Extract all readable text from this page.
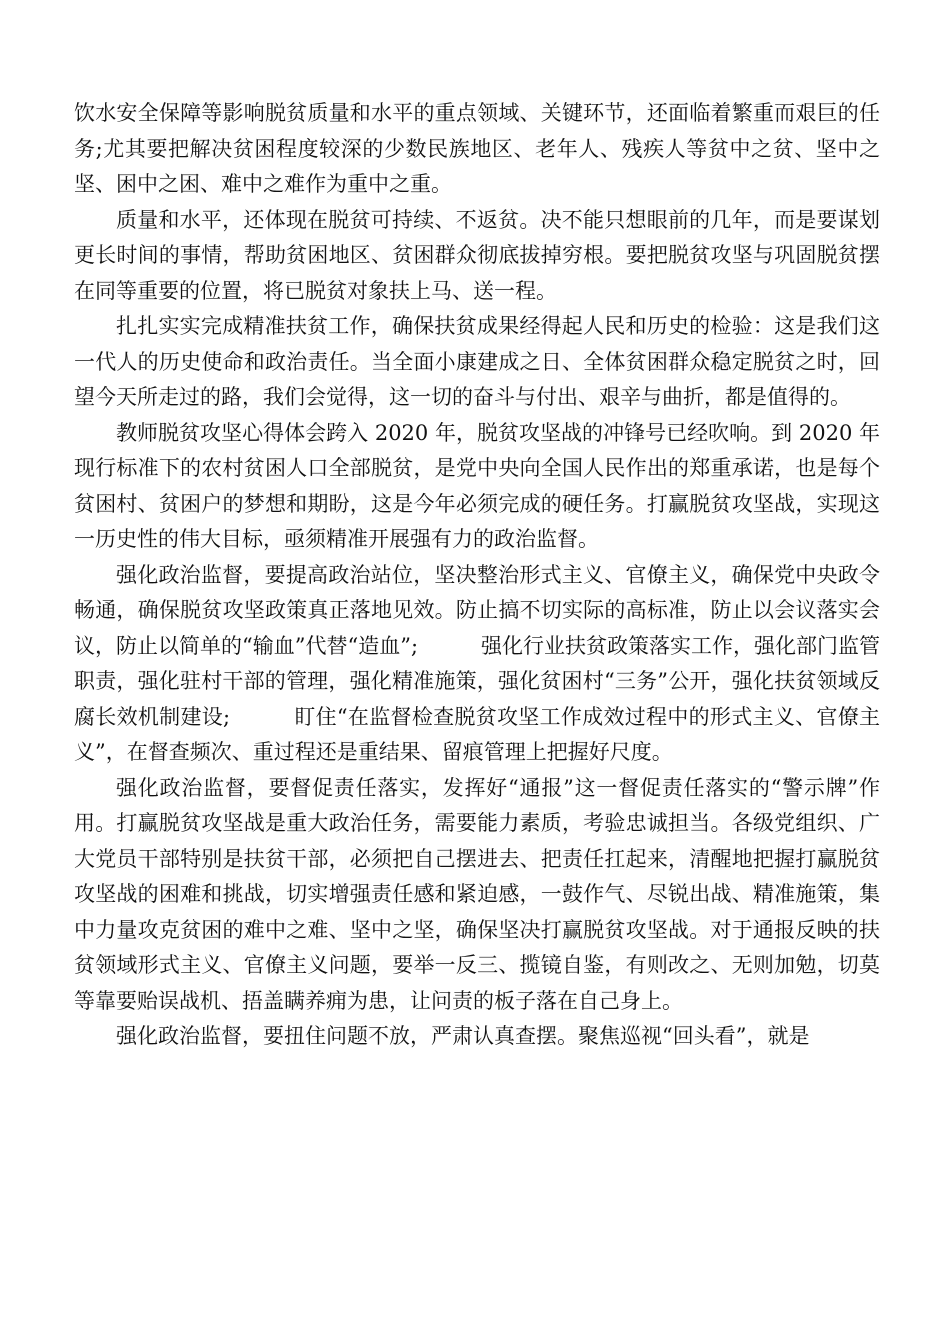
饮水安全保障等影响脱贫质量和水平的重点领域、关键环节，还面临着繁重而艰巨的任务;尤其要把解决贫困程度较深的少数民族地区、老年人、残疾人等贫中之贫、坚中之坚、困中之困、难中之难作为重中之重。

质量和水平，还体现在脱贫可持续、不返贫。决不能只想眼前的几年，而是要谋划更长时间的事情，帮助贫困地区、贫困群众彻底拔掉穷根。要把脱贫攻坚与巩固脱贫摆在同等重要的位置，将已脱贫对象扶上马、送一程。

扎扎实实完成精准扶贫工作，确保扶贫成果经得起人民和历史的检验：这是我们这一代人的历史使命和政治责任。当全面小康建成之日、全体贫困群众稳定脱贫之时，回望今天所走过的路，我们会觉得，这一切的奋斗与付出、艰辛与曲折，都是值得的。

教师脱贫攻坚心得体会跨入 2020 年，脱贫攻坚战的冲锋号已经吹响。到 2020 年现行标准下的农村贫困人口全部脱贫，是党中央向全国人民作出的郑重承诺，也是每个贫困村、贫困户的梦想和期盼，这是今年必须完成的硬任务。打赢脱贫攻坚战，实现这一历史性的伟大目标，亟须精准开展强有力的政治监督。

强化政治监督，要提高政治站位，坚决整治形式主义、官僚主义，确保党中央政令畅通，确保脱贫攻坚政策真正落地见效。防止搞不切实际的高标准，防止以会议落实会议，防止以简单的“输血”代替“造血”;　　　强化行业扶贫政策落实工作，强化部门监管职责，强化驻村干部的管理，强化精准施策，强化贫困村“三务”公开，强化扶贫领域反腐长效机制建设;　　　盯住“在监督检查脱贫攻坚工作成效过程中的形式主义、官僚主义”，在督查频次、重过程还是重结果、留痕管理上把握好尺度。

强化政治监督，要督促责任落实，发挥好“通报”这一督促责任落实的“警示牌”作用。打赢脱贫攻坚战是重大政治任务，需要能力素质，考验忠诚担当。各级党组织、广大党员干部特别是扶贫干部，必须把自己摆进去、把责任扛起来，清醒地把握打赢脱贫攻坚战的困难和挑战，切实增强责任感和紧迫感，一鼓作气、尽锐出战、精准施策，集中力量攻克贫困的难中之难、坚中之坚，确保坚决打赢脱贫攻坚战。对于通报反映的扶贫领域形式主义、官僚主义问题，要举一反三、揽镜自鉴，有则改之、无则加勉，切莫等靠要贻误战机、捂盖瞒养痈为患，让问责的板子落在自己身上。

强化政治监督，要扭住问题不放，严肃认真查摆。聚焦巡视“回头看”，就是
